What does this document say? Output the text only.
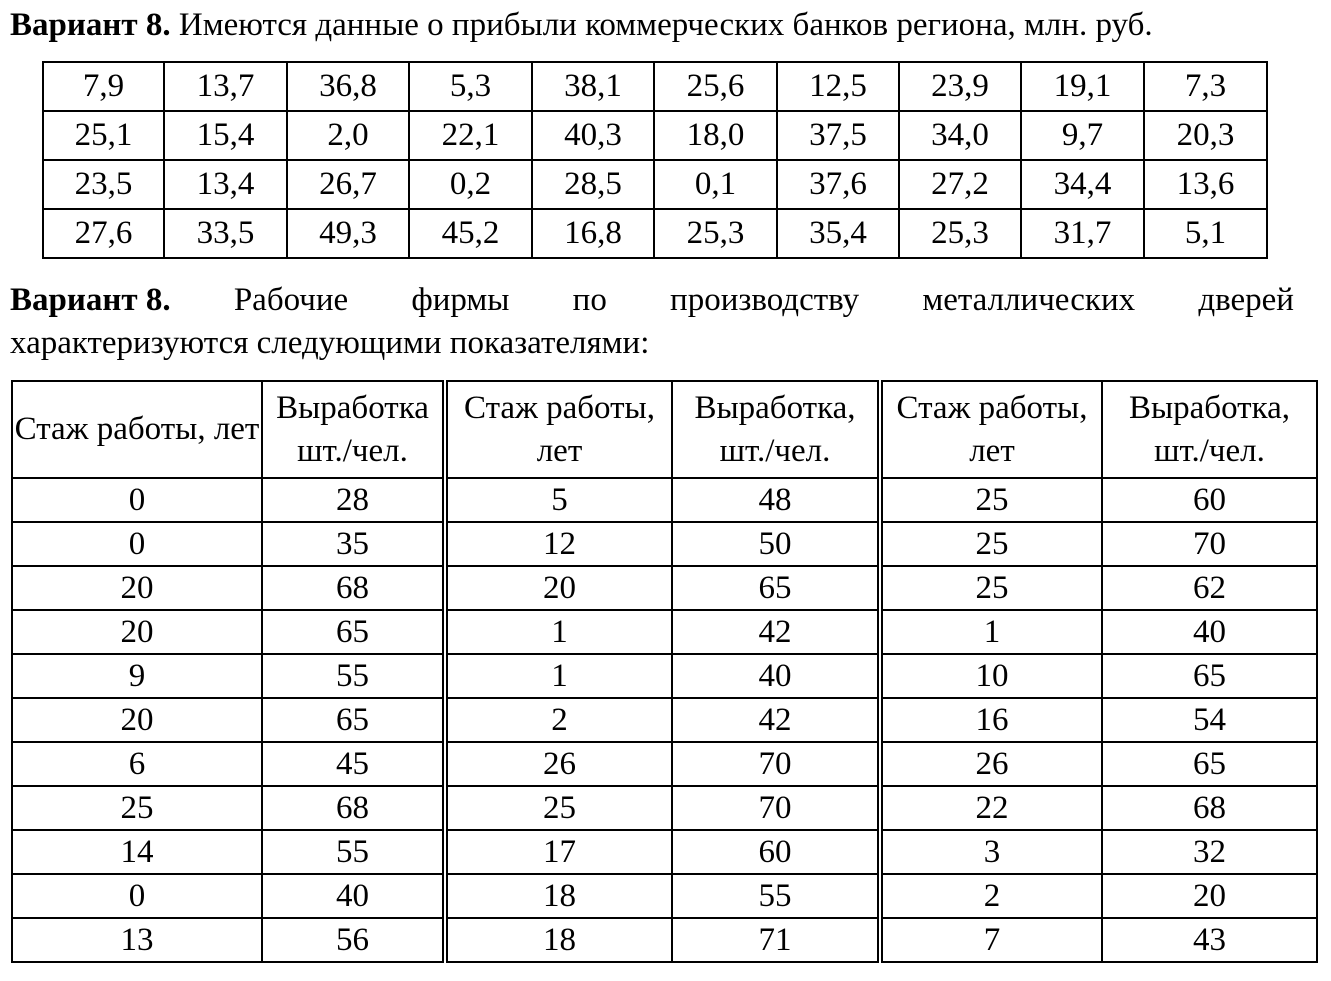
Вариант 8. Имеются данные о прибыли коммерческих банков региона, млн. руб.

7,9	13,7	36,8	5,3	38,1	25,6	12,5	23,9	19,1	7,3
25,1	15,4	2,0	22,1	40,3	18,0	37,5	34,0	9,7	20,3
23,5	13,4	26,7	0,2	28,5	0,1	37,6	27,2	34,4	13,6
27,6	33,5	49,3	45,2	16,8	25,3	35,4	25,3	31,7	5,1
Вариант 8. Рабочие фирмы по производству металлических дверей
характеризуются следующими показателями:
Стаж работы, лет	Выработка шт./чел.	Стаж работы, лет	Выработка, шт./чел.	Стаж работы, лет	Выработка, шт./чел.
0	28	5	48	25	60
0	35	12	50	25	70
20	68	20	65	25	62
20	65	1	42	1	40
9	55	1	40	10	65
20	65	2	42	16	54
6	45	26	70	26	65
25	68	25	70	22	68
14	55	17	60	3	32
0	40	18	55	2	20
13	56	18	71	7	43
